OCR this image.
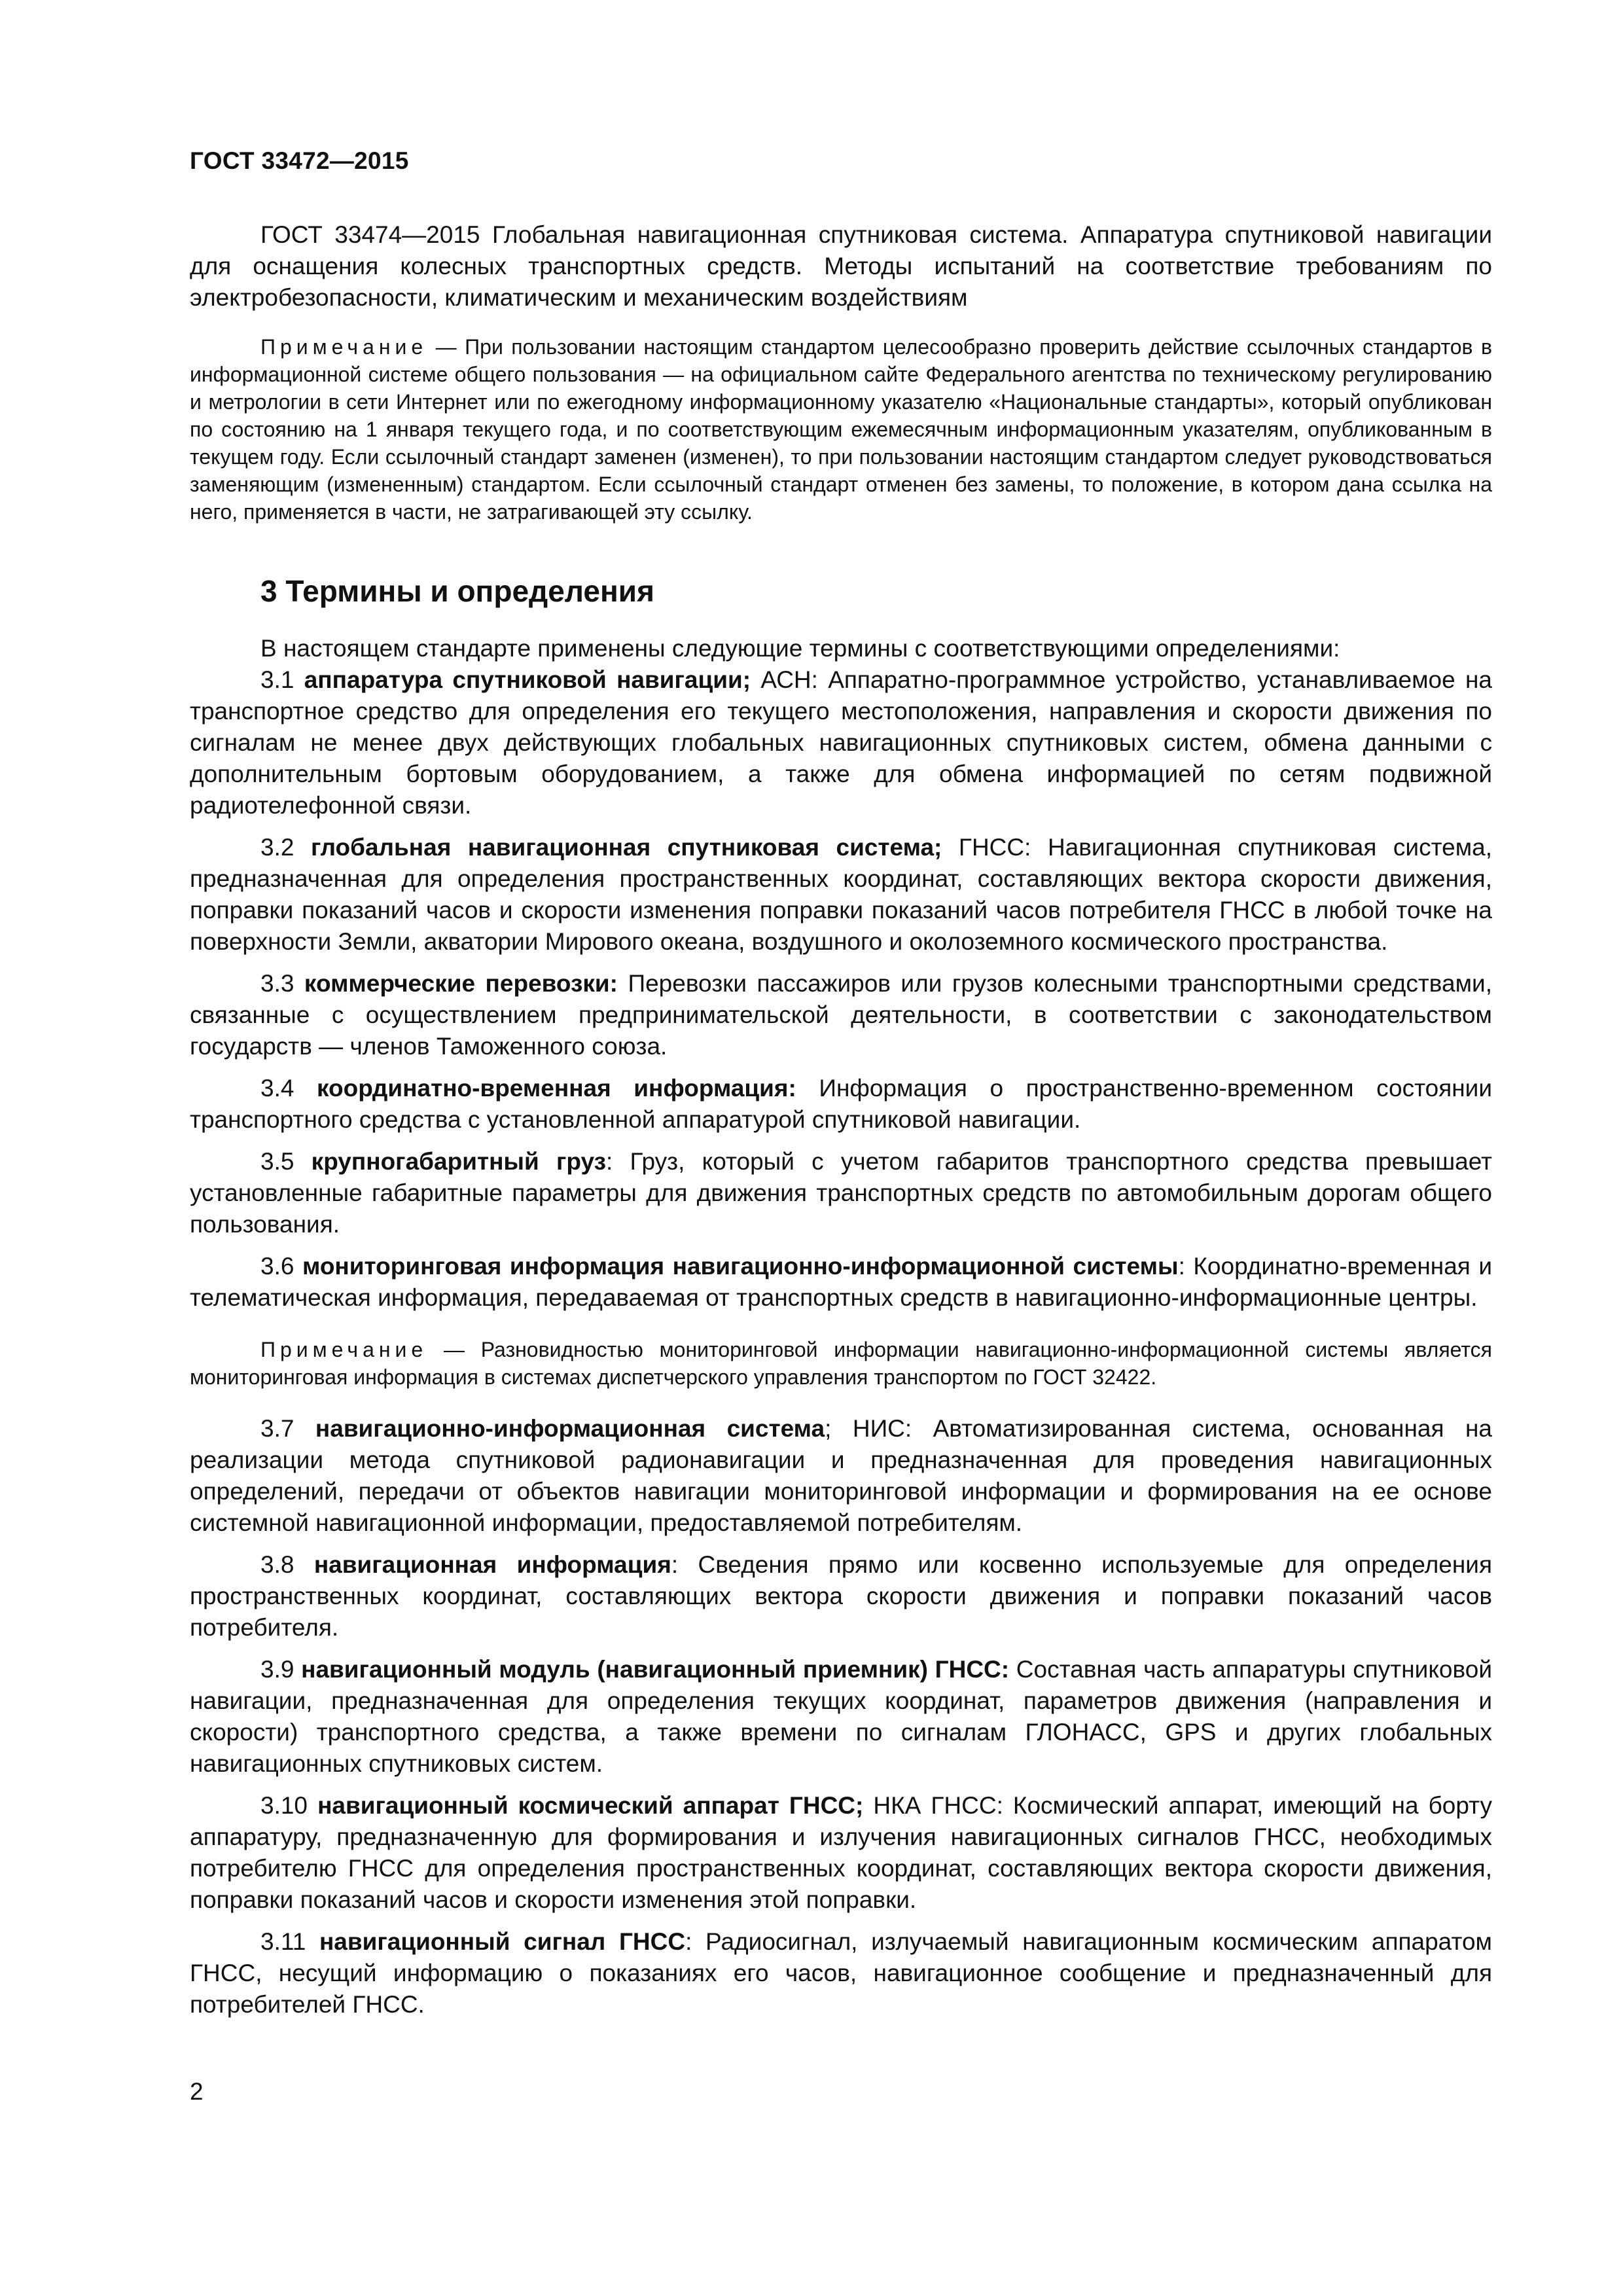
ГОСТ 33472—2015

ГОСТ 33474—2015 Глобальная навигационная спутниковая система. Аппаратура спутниковой навигации для оснащения колесных транспортных средств. Методы испытаний на соответствие требованиям по электробезопасности, климатическим и механическим воздействиям

Примечание — При пользовании настоящим стандартом целесообразно проверить действие ссылочных стандартов в информационной системе общего пользования — на официальном сайте Федерального агентства по техническому регулированию и метрологии в сети Интернет или по ежегодному информационному указателю «Национальные стандарты», который опубликован по состоянию на 1 января текущего года, и по соответствующим ежемесячным информационным указателям, опубликованным в текущем году. Если ссылочный стандарт заменен (изменен), то при пользовании настоящим стандартом следует руководствоваться заменяющим (измененным) стандартом. Если ссылочный стандарт отменен без замены, то положение, в котором дана ссылка на него, применяется в части, не затрагивающей эту ссылку.

3 Термины и определения

В настоящем стандарте применены следующие термины с соответствующими определениями:

3.1 аппаратура спутниковой навигации; АСН: Аппаратно-программное устройство, устанавливаемое на транспортное средство для определения его текущего местоположения, направления и скорости движения по сигналам не менее двух действующих глобальных навигационных спутниковых систем, обмена данными с дополнительным бортовым оборудованием, а также для обмена информацией по сетям подвижной радиотелефонной связи.

3.2 глобальная навигационная спутниковая система; ГНСС: Навигационная спутниковая система, предназначенная для определения пространственных координат, составляющих вектора скорости движения, поправки показаний часов и скорости изменения поправки показаний часов потребителя ГНСС в любой точке на поверхности Земли, акватории Мирового океана, воздушного и околоземного космического пространства.

3.3 коммерческие перевозки: Перевозки пассажиров или грузов колесными транспортными средствами, связанные с осуществлением предпринимательской деятельности, в соответствии с законодательством государств — членов Таможенного союза.

3.4 координатно-временная информация: Информация о пространственно-временном состоянии транспортного средства с установленной аппаратурой спутниковой навигации.

3.5 крупногабаритный груз: Груз, который с учетом габаритов транспортного средства превышает установленные габаритные параметры для движения транспортных средств по автомобильным дорогам общего пользования.

3.6 мониторинговая информация навигационно-информационной системы: Координатно-временная и телематическая информация, передаваемая от транспортных средств в навигационно-информационные центры.

Примечание — Разновидностью мониторинговой информации навигационно-информационной системы является мониторинговая информация в системах диспетчерского управления транспортом по ГОСТ 32422.

3.7 навигационно-информационная система; НИС: Автоматизированная система, основанная на реализации метода спутниковой радионавигации и предназначенная для проведения навигационных определений, передачи от объектов навигации мониторинговой информации и формирования на ее основе системной навигационной информации, предоставляемой потребителям.

3.8 навигационная информация: Сведения прямо или косвенно используемые для определения пространственных координат, составляющих вектора скорости движения и поправки показаний часов потребителя.

3.9 навигационный модуль (навигационный приемник) ГНСС: Составная часть аппаратуры спутниковой навигации, предназначенная для определения текущих координат, параметров движения (направления и скорости) транспортного средства, а также времени по сигналам ГЛОНАСС, GPS и других глобальных навигационных спутниковых систем.

3.10 навигационный космический аппарат ГНСС; НКА ГНСС: Космический аппарат, имеющий на борту аппаратуру, предназначенную для формирования и излучения навигационных сигналов ГНСС, необходимых потребителю ГНСС для определения пространственных координат, составляющих вектора скорости движения, поправки показаний часов и скорости изменения этой поправки.

3.11 навигационный сигнал ГНСС: Радиосигнал, излучаемый навигационным космическим аппаратом ГНСС, несущий информацию о показаниях его часов, навигационное сообщение и предназначенный для потребителей ГНСС.

2
